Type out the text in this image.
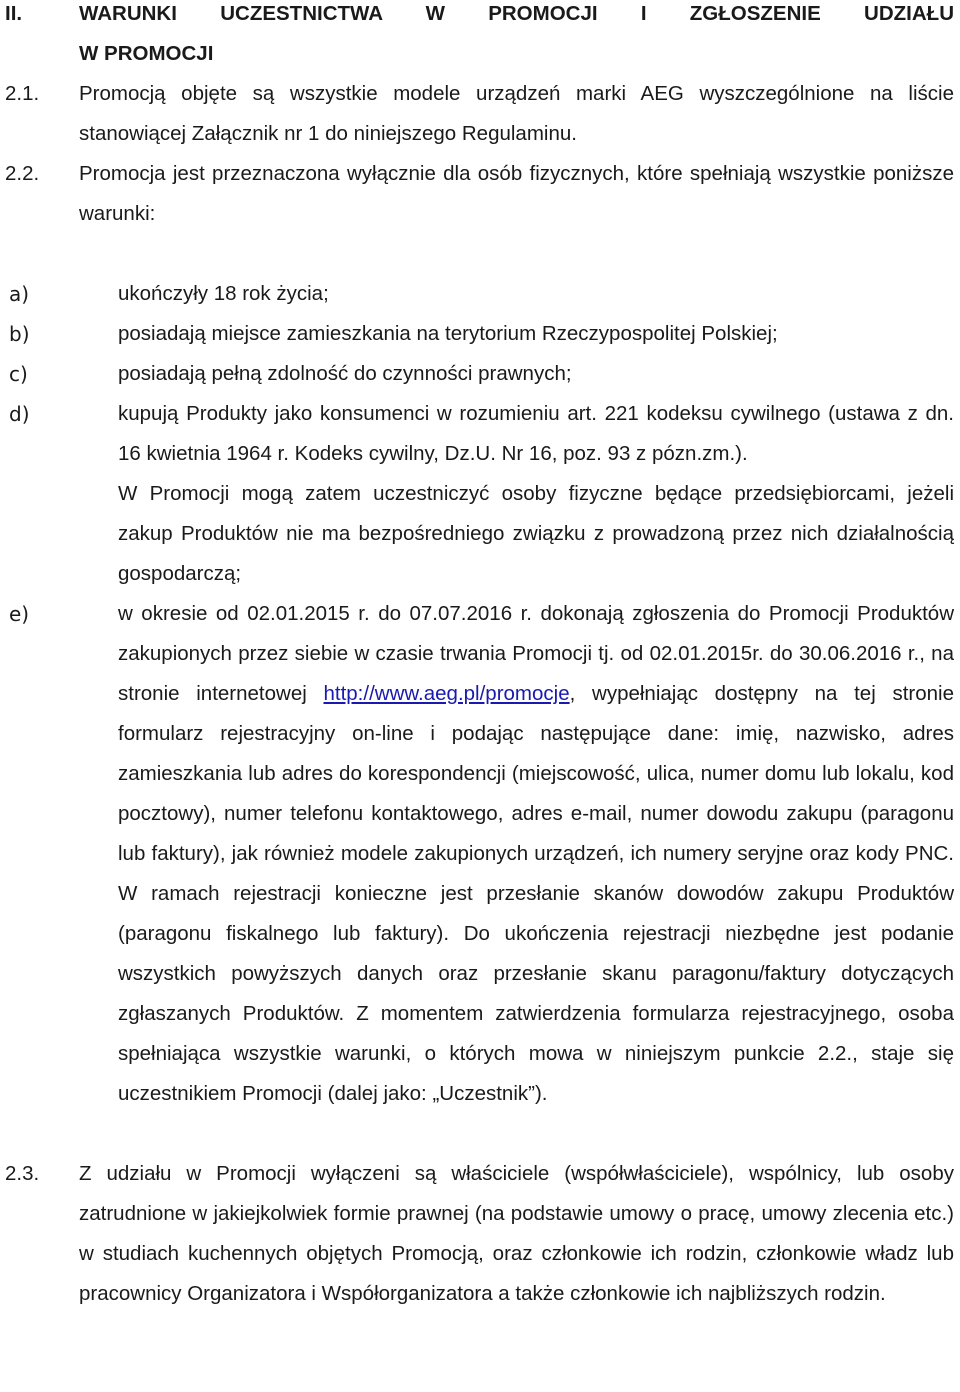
II.	WARUNKI UCZESTNICTWA W PROMOCJI I ZGŁOSZENIE UDZIAŁU
W PROMOCJI
2.1. Promocją objęte są wszystkie modele urządzeń marki AEG wyszczególnione na liście stanowiącej Załącznik nr 1 do niniejszego Regulaminu.
2.2. Promocja jest przeznaczona wyłącznie dla osób fizycznych, które spełniają wszystkie poniższe warunki:
a)	ukończyły 18 rok życia;
b)	posiadają miejsce zamieszkania na terytorium Rzeczypospolitej Polskiej;
c)	posiadają pełną zdolność do czynności prawnych;
d)	kupują Produkty jako konsumenci w rozumieniu art. 221 kodeksu cywilnego (ustawa z dn. 16 kwietnia 1964 r. Kodeks cywilny, Dz.U. Nr 16, poz. 93 z pózn.zm.).
W Promocji mogą zatem uczestniczyć osoby fizyczne będące przedsiębiorcami, jeżeli zakup Produktów nie ma bezpośredniego związku z prowadzoną przez nich działalnością gospodarczą;
e)	w okresie od 02.01.2015 r. do 07.07.2016 r. dokonają zgłoszenia do Promocji Produktów zakupionych przez siebie w czasie trwania Promocji tj. od 02.01.2015r. do 30.06.2016 r., na stronie internetowej http://www.aeg.pl/promocje, wypełniając dostępny na tej stronie formularz rejestracyjny on-line i podając następujące dane: imię, nazwisko, adres zamieszkania lub adres do korespondencji (miejscowość, ulica, numer domu lub lokalu, kod pocztowy), numer telefonu kontaktowego, adres e-mail, numer dowodu zakupu (paragonu lub faktury), jak również modele zakupionych urządzeń, ich numery seryjne oraz kody PNC. W ramach rejestracji konieczne jest przesłanie skanów dowodów zakupu Produktów (paragonu fiskalnego lub faktury). Do ukończenia rejestracji niezbędne jest podanie wszystkich powyższych danych oraz przesłanie skanu paragonu/faktury dotyczących zgłaszanych Produktów. Z momentem zatwierdzenia formularza rejestracyjnego, osoba spełniająca wszystkie warunki, o których mowa w niniejszym punkcie 2.2., staje się uczestnikiem Promocji (dalej jako: „Uczestnik”).
2.3. Z udziału w Promocji wyłączeni są właściciele (współwłaściciele), wspólnicy, lub osoby zatrudnione w jakiejkolwiek formie prawnej (na podstawie umowy o pracę, umowy zlecenia etc.) w studiach kuchennych objętych Promocją, oraz członkowie ich rodzin, członkowie władz lub pracownicy Organizatora i Współorganizatora a także członkowie ich najbliższych rodzin.
